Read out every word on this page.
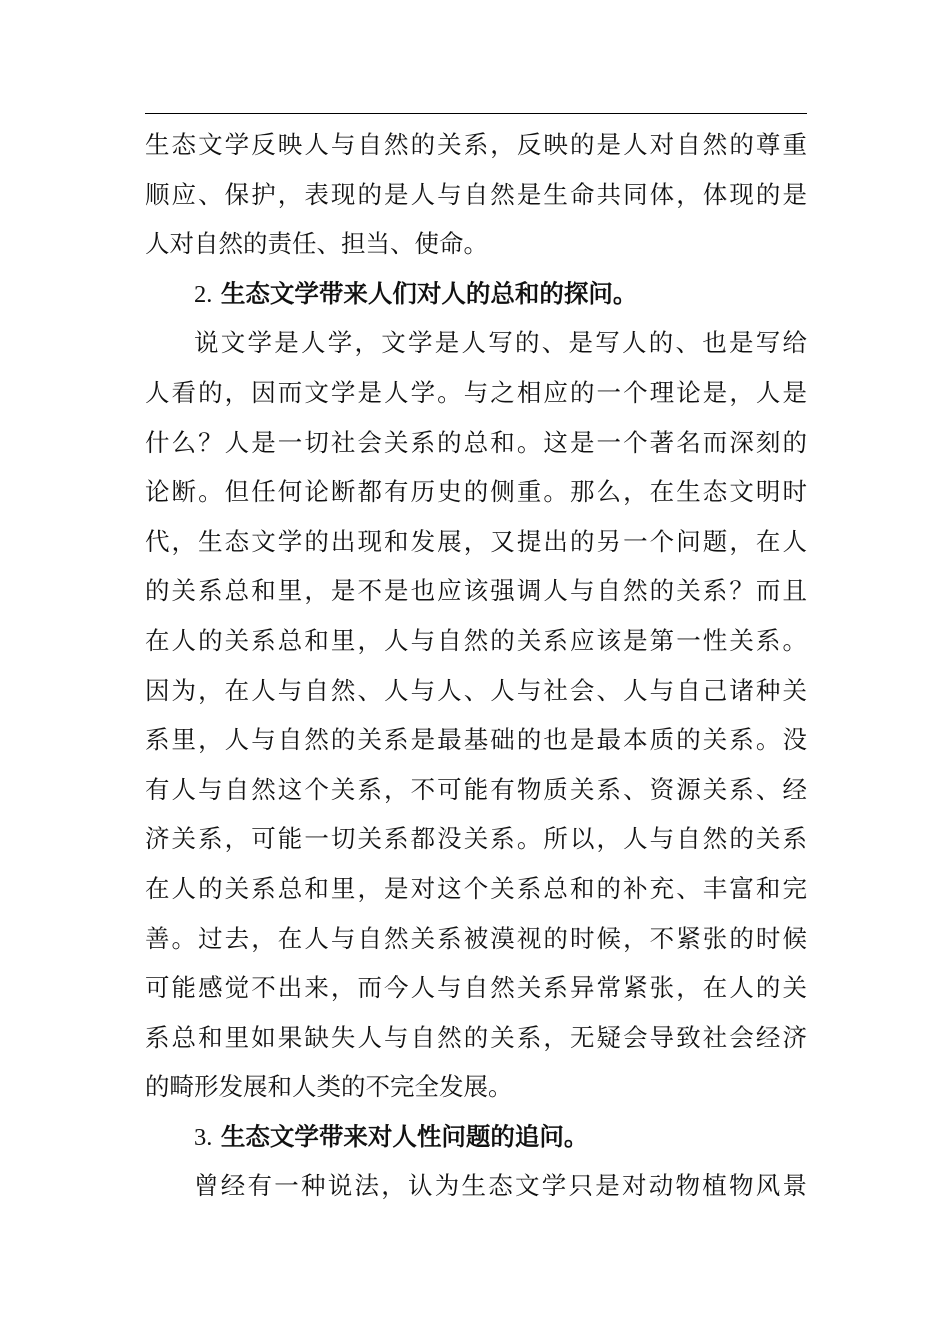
生态文学反映人与自然的关系，反映的是人对自然的尊重
顺应、保护，表现的是人与自然是生命共同体，体现的是
人对自然的责任、担当、使命。
2. 生态文学带来人们对人的总和的探问。
说文学是人学，文学是人写的、是写人的、也是写给
人看的，因而文学是人学。与之相应的一个理论是，人是
什么？人是一切社会关系的总和。这是一个著名而深刻的
论断。但任何论断都有历史的侧重。那么，在生态文明时
代，生态文学的出现和发展，又提出的另一个问题，在人
的关系总和里，是不是也应该强调人与自然的关系？而且
在人的关系总和里，人与自然的关系应该是第一性关系。
因为，在人与自然、人与人、人与社会、人与自己诸种关
系里，人与自然的关系是最基础的也是最本质的关系。没
有人与自然这个关系，不可能有物质关系、资源关系、经
济关系，可能一切关系都没关系。所以，人与自然的关系
在人的关系总和里，是对这个关系总和的补充、丰富和完
善。过去，在人与自然关系被漠视的时候，不紧张的时候
可能感觉不出来，而今人与自然关系异常紧张，在人的关
系总和里如果缺失人与自然的关系，无疑会导致社会经济
的畸形发展和人类的不完全发展。
3. 生态文学带来对人性问题的追问。
曾经有一种说法，认为生态文学只是对动物植物风景
